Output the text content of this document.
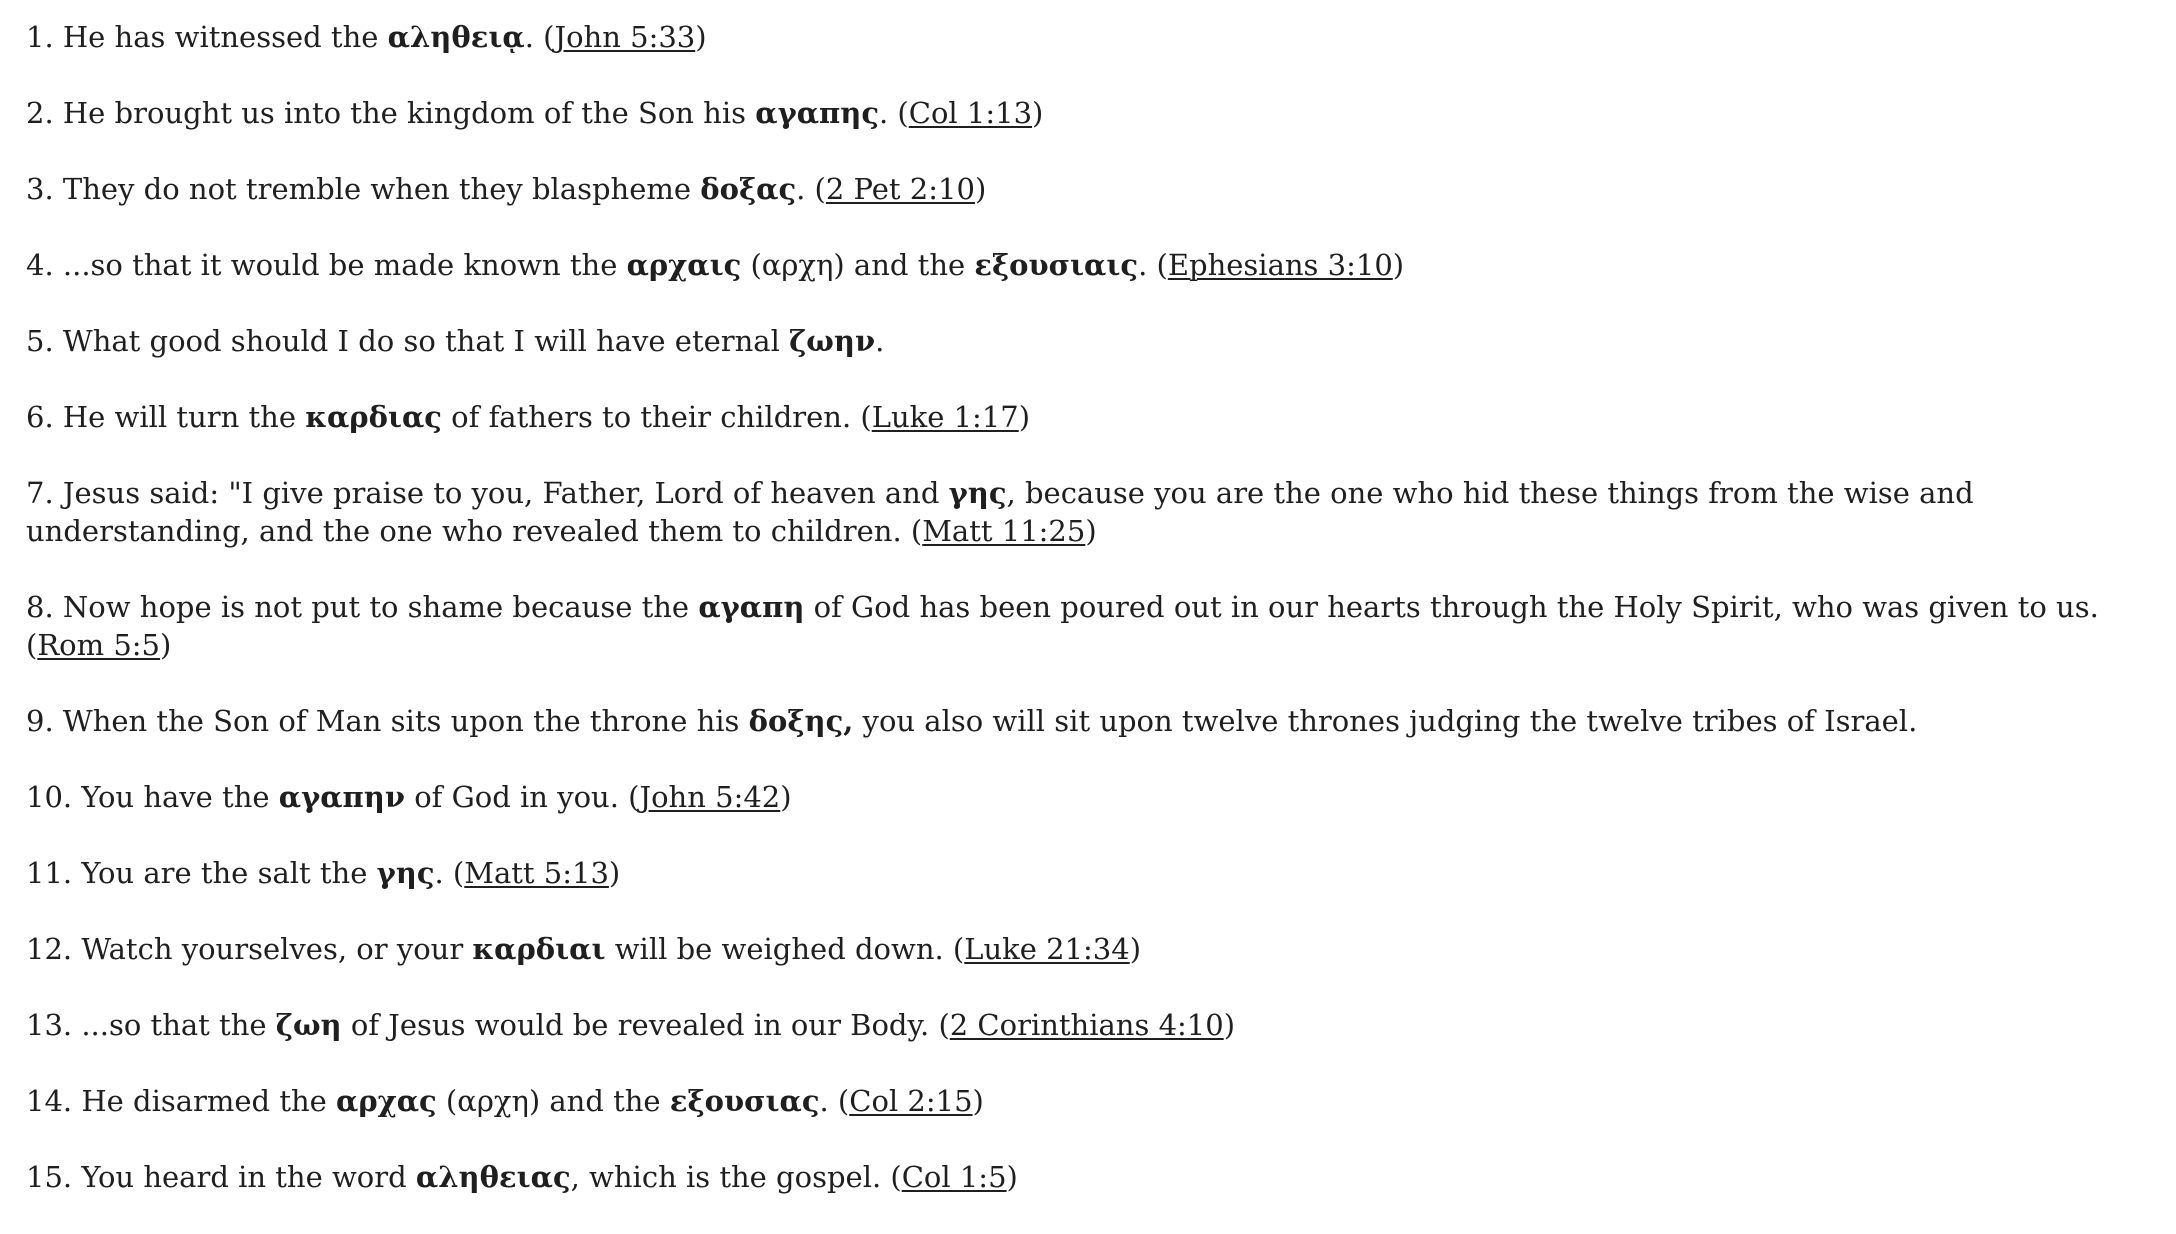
1. He has witnessed the αληθειᾳ. (John 5:33)
2. He brought us into the kingdom of the Son his αγαπης. (Col 1:13)
3. They do not tremble when they blaspheme δοξας. (2 Pet 2:10)
4. ...so that it would be made known the αρχαις (αρχη) and the εξουσιαις. (Ephesians 3:10)
5. What good should I do so that I will have eternal ζωην.
6. He will turn the καρδιας of fathers to their children. (Luke 1:17)
7. Jesus said: "I give praise to you, Father, Lord of heaven and γης, because you are the one who hid these things from the wise and understanding, and the one who revealed them to children. (Matt 11:25)
8. Now hope is not put to shame because the αγαπη of God has been poured out in our hearts through the Holy Spirit, who was given to us. (Rom 5:5)
9. When the Son of Man sits upon the throne his δοξης, you also will sit upon twelve thrones judging the twelve tribes of Israel.
10. You have the αγαπην of God in you. (John 5:42)
11. You are the salt the γης. (Matt 5:13)
12. Watch yourselves, or your καρδιαι will be weighed down. (Luke 21:34)
13. ...so that the ζωη of Jesus would be revealed in our Body. (2 Corinthians 4:10)
14. He disarmed the αρχας (αρχη) and the εξουσιας. (Col 2:15)
15. You heard in the word αληθειας, which is the gospel. (Col 1:5)
